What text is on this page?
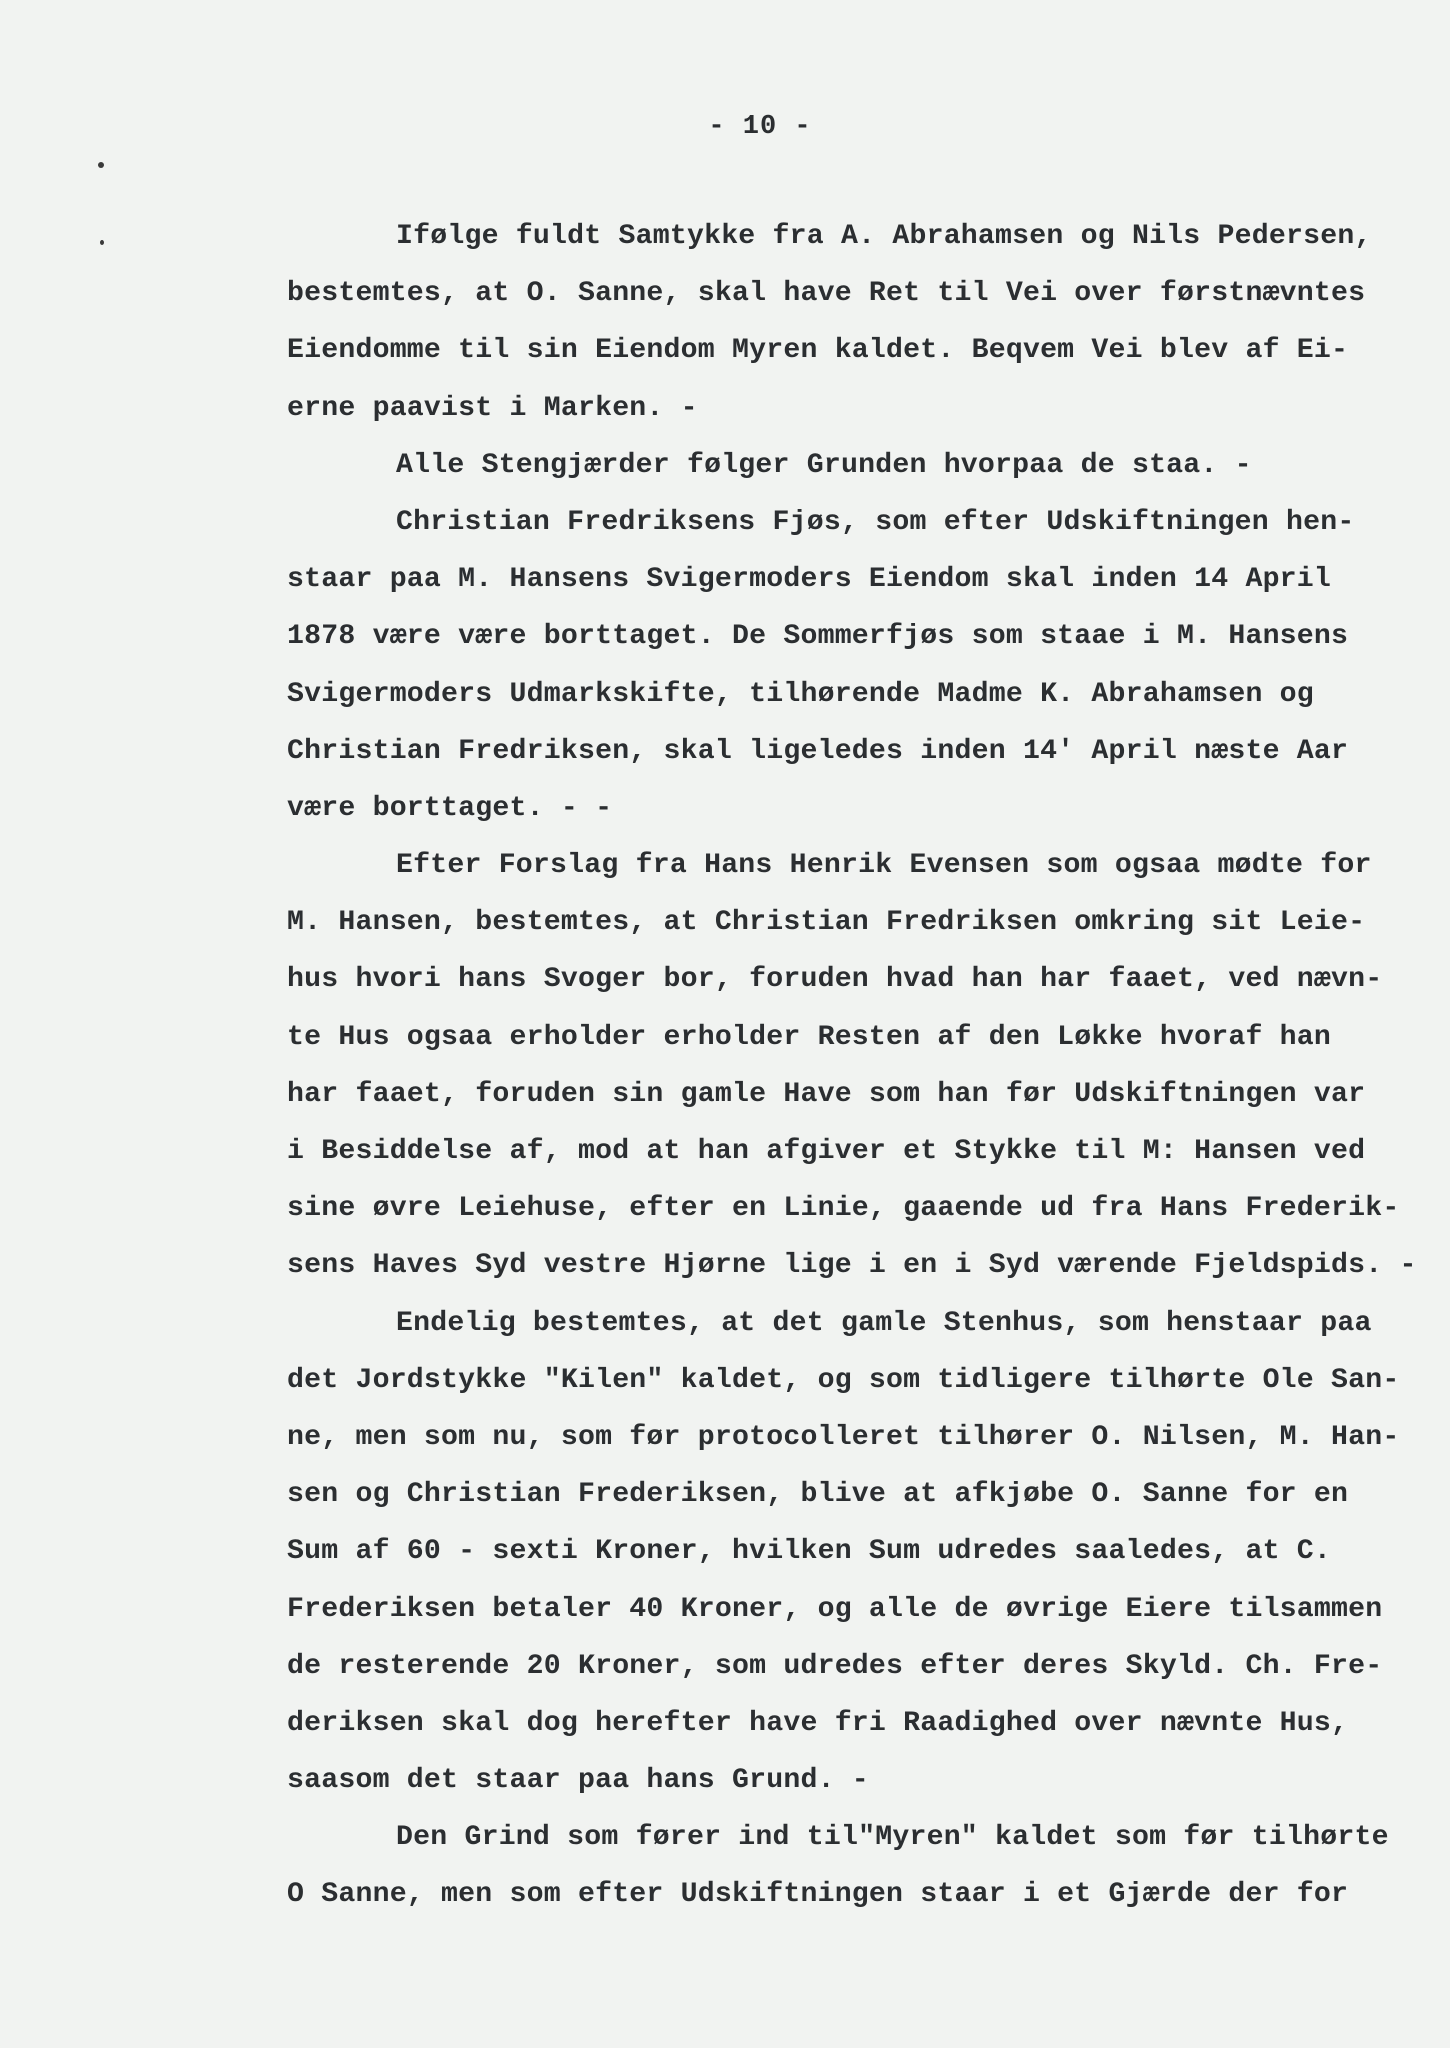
- 10 -
Ifølge fuldt Samtykke fra A. Abrahamsen og Nils Pedersen,
bestemtes, at O. Sanne, skal have Ret til Vei over førstnævntes
Eiendomme til sin Eiendom Myren kaldet. Beqvem Vei blev af Ei-
erne paavist i Marken. -
Alle Stengjærder følger Grunden hvorpaa de staa. -
Christian Fredriksens Fjøs, som efter Udskiftningen hen-
staar paa M. Hansens Svigermoders Eiendom skal inden 14 April
1878 være være borttaget. De Sommerfjøs som staae i M. Hansens
Svigermoders Udmarkskifte, tilhørende Madme K. Abrahamsen og
Christian Fredriksen, skal ligeledes inden 14' April næste Aar
være borttaget. - -
Efter Forslag fra Hans Henrik Evensen som ogsaa mødte for
M. Hansen, bestemtes, at Christian Fredriksen omkring sit Leie-
hus hvori hans Svoger bor, foruden hvad han har faaet, ved nævn-
te Hus ogsaa erholder erholder Resten af den Løkke hvoraf han
har faaet, foruden sin gamle Have som han før Udskiftningen var
i Besiddelse af, mod at han afgiver et Stykke til M: Hansen ved
sine øvre Leiehuse, efter en Linie, gaaende ud fra Hans Frederik-
sens Haves Syd vestre Hjørne lige i en i Syd værende Fjeldspids. -
Endelig bestemtes, at det gamle Stenhus, som henstaar paa
det Jordstykke "Kilen" kaldet, og som tidligere tilhørte Ole San-
ne, men som nu, som før protocolleret tilhører O. Nilsen, M. Han-
sen og Christian Frederiksen, blive at afkjøbe O. Sanne for en
Sum af 60 - sexti Kroner, hvilken Sum udredes saaledes, at C.
Frederiksen betaler 40 Kroner, og alle de øvrige Eiere tilsammen
de resterende 20 Kroner, som udredes efter deres Skyld. Ch. Fre-
deriksen skal dog herefter have fri Raadighed over nævnte Hus,
saasom det staar paa hans Grund. -
Den Grind som fører ind til"Myren" kaldet som før tilhørte
O Sanne, men som efter Udskiftningen staar i et Gjærde der for
